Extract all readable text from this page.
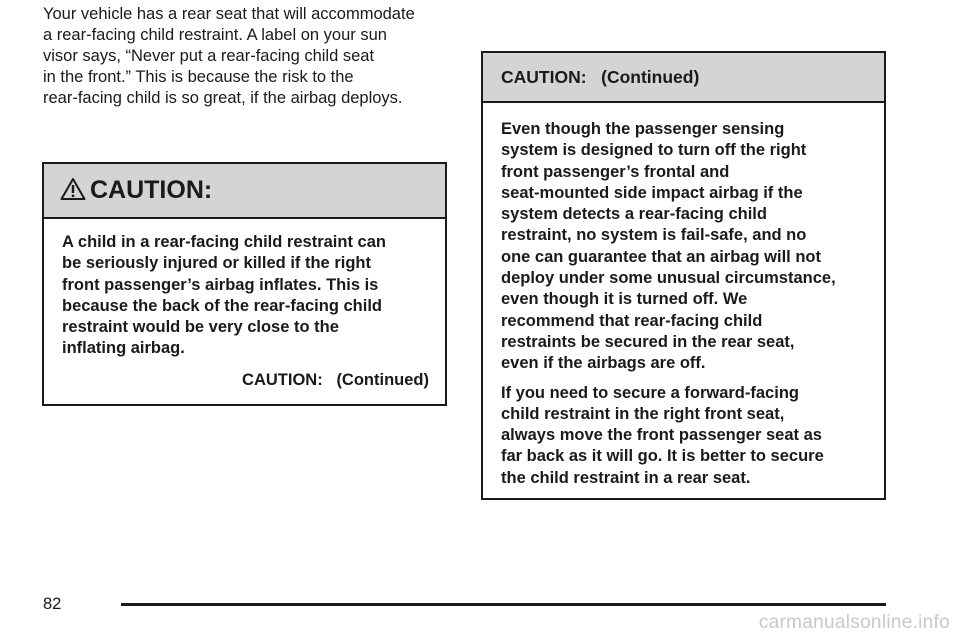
Your vehicle has a rear seat that will accommodate
a rear-facing child restraint. A label on your sun
visor says, “Never put a rear-facing child seat
in the front.” This is because the risk to the
rear-facing child is so great, if the airbag deploys.
CAUTION:

A child in a rear-facing child restraint can
be seriously injured or killed if the right
front passenger’s airbag inflates. This is
because the back of the rear-facing child
restraint would be very close to the
inflating airbag.

CAUTION:   (Continued)

CAUTION:   (Continued)

Even though the passenger sensing
system is designed to turn off the right
front passenger’s frontal and
seat-mounted side impact airbag if the
system detects a rear-facing child
restraint, no system is fail-safe, and no
one can guarantee that an airbag will not
deploy under some unusual circumstance,
even though it is turned off. We
recommend that rear-facing child
restraints be secured in the rear seat,
even if the airbags are off.

If you need to secure a forward-facing
child restraint in the right front seat,
always move the front passenger seat as
far back as it will go. It is better to secure
the child restraint in a rear seat.

82
carmanualsonline.info
